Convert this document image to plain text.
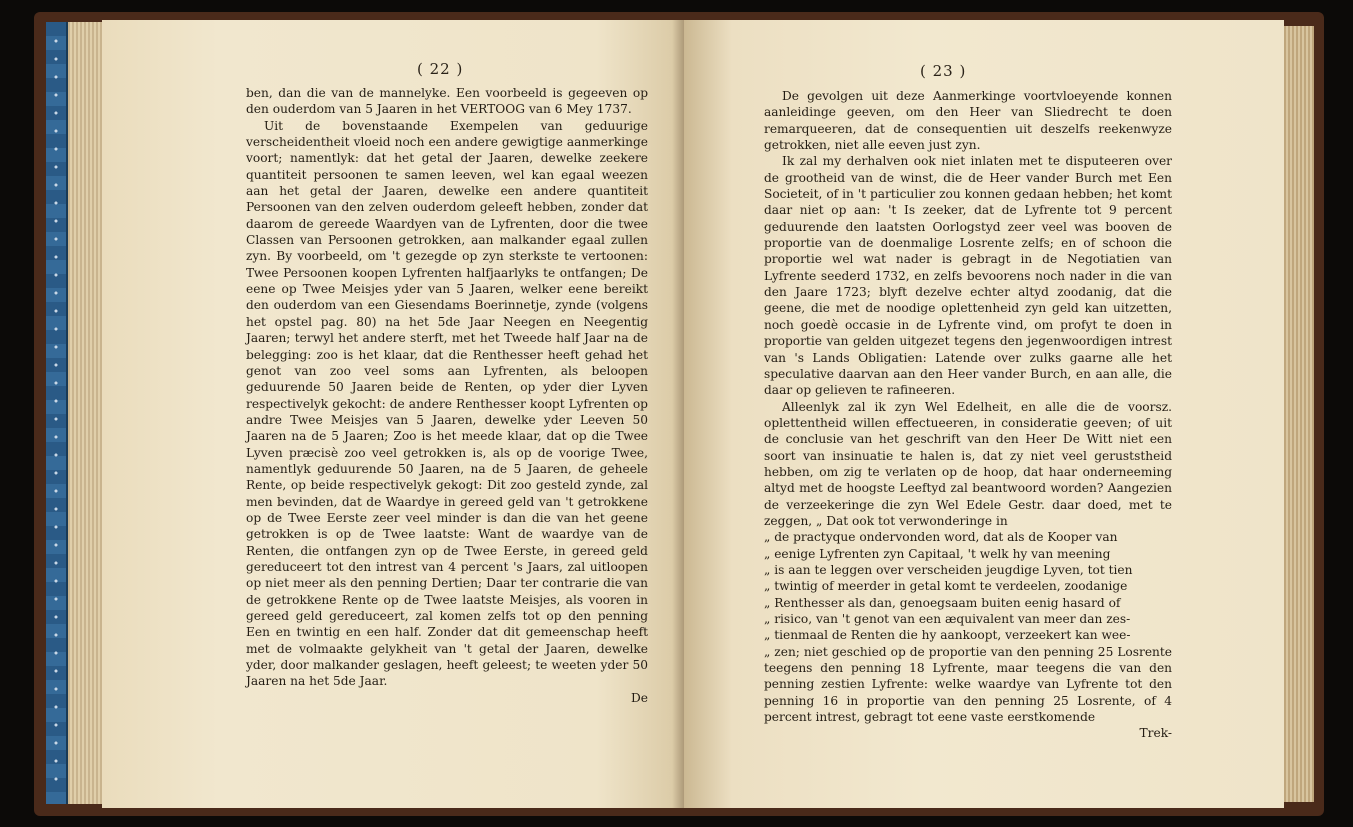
( 22 )

ben, dan die van de mannelyke. Een voorbeeld is gegeeven op den ouderdom van 5 Jaaren in het VERTOOG van 6 Mey 1737.

Uit de bovenstaande Exempelen van geduurige verscheidentheit vloeid noch een andere gewigtige aanmerkinge voort; namentlyk: dat het getal der Jaaren, dewelke zeekere quantiteit persoonen te samen leeven, wel kan egaal weezen aan het getal der Jaaren, dewelke een andere quantiteit Persoonen van den zelven ouderdom geleeft hebben, zonder dat daarom de gereede Waardyen van de Lyfrenten, door die twee Classen van Persoonen getrokken, aan malkander egaal zullen zyn. By voorbeeld, om 't gezegde op zyn sterkste te vertoonen: Twee Persoonen koopen Lyfrenten halfjaarlyks te ontfangen; De eene op Twee Meisjes yder van 5 Jaaren, welker eene bereikt den ouderdom van een Giesendams Boerinnetje, zynde (volgens het opstel pag. 80) na het 5de Jaar Neegen en Neegentig Jaaren; terwyl het andere sterft, met het Tweede half Jaar na de belegging: zoo is het klaar, dat die Renthesser heeft gehad het genot van zoo veel soms aan Lyfrenten, als beloopen geduurende 50 Jaaren beide de Renten, op yder dier Lyven respectivelyk gekocht: de andere Renthesser koopt Lyfrenten op andre Twee Meisjes van 5 Jaaren, dewelke yder Leeven 50 Jaaren na de 5 Jaaren; Zoo is het meede klaar, dat op die Twee Lyven præcisè zoo veel getrokken is, als op de voorige Twee, namentlyk geduurende 50 Jaaren, na de 5 Jaaren, de geheele Rente, op beide respectivelyk gekogt: Dit zoo gesteld zynde, zal men bevinden, dat de Waardye in gereed geld van 't getrokkene op de Twee Eerste zeer veel minder is dan die van het geene getrokken is op de Twee laatste: Want de waardye van de Renten, die ontfangen zyn op de Twee Eerste, in gereed geld gereduceert tot den intrest van 4 percent 's Jaars, zal uitloopen op niet meer als den penning Dertien; Daar ter contrarie die van de getrokkene Rente op de Twee laatste Meisjes, als vooren in gereed geld gereduceert, zal komen zelfs tot op den penning Een en twintig en een half. Zonder dat dit gemeenschap heeft met de volmaakte gelykheit van 't getal der Jaaren, dewelke yder, door malkander geslagen, heeft geleest; te weeten yder 50 Jaaren na het 5de Jaar.

De

( 23 )

De gevolgen uit deze Aanmerkinge voortvloeyende konnen aanleidinge geeven, om den Heer van Sliedrecht te doen remarqueeren, dat de consequentien uit deszelfs reekenwyze getrokken, niet alle eeven just zyn.

Ik zal my derhalven ook niet inlaten met te disputeeren over de grootheid van de winst, die de Heer vander Burch met Een Societeit, of in 't particulier zou konnen gedaan hebben; het komt daar niet op aan: 't Is zeeker, dat de Lyfrente tot 9 percent geduurende den laatsten Oorlogstyd zeer veel was booven de proportie van de doenmalige Losrente zelfs; en of schoon die proportie wel wat nader is gebragt in de Negotiatien van Lyfrente seederd 1732, en zelfs bevoorens noch nader in die van den Jaare 1723; blyft dezelve echter altyd zoodanig, dat die geene, die met de noodige oplettenheid zyn geld kan uitzetten, noch goedè occasie in de Lyfrente vind, om profyt te doen in proportie van gelden uitgezet tegens den jegenwoordigen intrest van 's Lands Obligatien: Latende over zulks gaarne alle het speculative daarvan aan den Heer vander Burch, en aan alle, die daar op gelieven te rafineeren.

Alleenlyk zal ik zyn Wel Edelheit, en alle die de voorsz. oplettentheid willen effectueeren, in consideratie geeven; of uit de conclusie van het geschrift van den Heer De Witt niet een soort van insinuatie te halen is, dat zy niet veel geruststheid hebben, om zig te verlaten op de hoop, dat haar onderneeming altyd met de hoogste Leeftyd zal beantwoord worden? Aangezien de verzeekeringe die zyn Wel Edele Gestr. daar doed, met te zeggen, „ Dat ook tot verwonderinge in

„ de practyque ondervonden word, dat als de Kooper van

„ eenige Lyfrenten zyn Capitaal, 't welk hy van meening

„ is aan te leggen over verscheiden jeugdige Lyven, tot tien

„ twintig of meerder in getal komt te verdeelen, zoodanige

„ Renthesser als dan, genoegsaam buiten eenig hasard of

„ risico, van 't genot van een æquivalent van meer dan zes-

„ tienmaal de Renten die hy aankoopt, verzeekert kan wee-

„ zen; niet geschied op de proportie van den penning 25 Losrente teegens den penning 18 Lyfrente, maar teegens die van den penning zestien Lyfrente: welke waardye van Lyfrente tot den penning 16 in proportie van den penning 25 Losrente, of 4 percent intrest, gebragt tot eene vaste eerstkomende

Trek-
